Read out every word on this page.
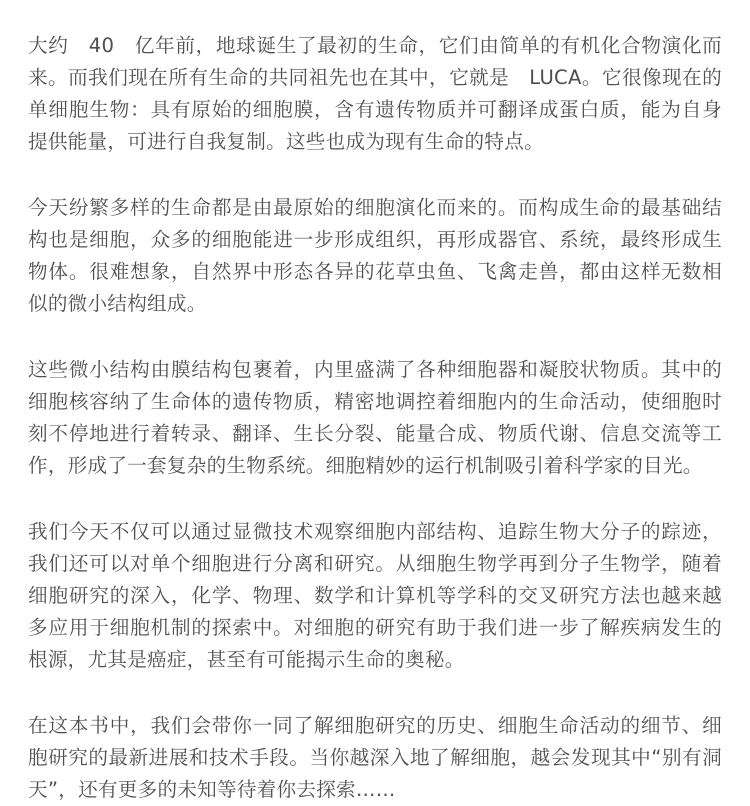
大约　40　亿年前，地球诞生了最初的生命，它们由简单的有机化合物演化而来。而我们现在所有生命的共同祖先也在其中，它就是　LUCA。它很像现在的单细胞生物：具有原始的细胞膜，含有遗传物质并可翻译成蛋白质，能为自身提供能量，可进行自我复制。这些也成为现有生命的特点。

今天纷繁多样的生命都是由最原始的细胞演化而来的。而构成生命的最基础结构也是细胞，众多的细胞能进一步形成组织，再形成器官、系统，最终形成生物体。很难想象，自然界中形态各异的花草虫鱼、飞禽走兽，都由这样无数相似的微小结构组成。

这些微小结构由膜结构包裹着，内里盛满了各种细胞器和凝胶状物质。其中的细胞核容纳了生命体的遗传物质，精密地调控着细胞内的生命活动，使细胞时刻不停地进行着转录、翻译、生长分裂、能量合成、物质代谢、信息交流等工作，形成了一套复杂的生物系统。细胞精妙的运行机制吸引着科学家的目光。

我们今天不仅可以通过显微技术观察细胞内部结构、追踪生物大分子的踪迹，我们还可以对单个细胞进行分离和研究。从细胞生物学再到分子生物学，随着细胞研究的深入，化学、物理、数学和计算机等学科的交叉研究方法也越来越多应用于细胞机制的探索中。对细胞的研究有助于我们进一步了解疾病发生的根源，尤其是癌症，甚至有可能揭示生命的奥秘。

在这本书中，我们会带你一同了解细胞研究的历史、细胞生命活动的细节、细胞研究的最新进展和技术手段。当你越深入地了解细胞，越会发现其中“别有洞天”，还有更多的未知等待着你去探索……
